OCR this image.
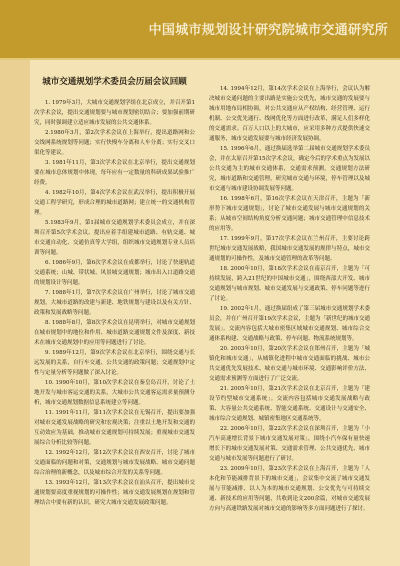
中国城市规划设计研究院城市交通研究所
城市交通规划学术委员会历届会议回顾

1. 1979年3月，大城市交通规划学组在北京成立，并召开第1次学术会议，提出交通规划要与城市规划密切结合；要加强前期研究，同时强调建立适应城市发展的公共交通体系。

2.1980年3月，第2次学术会议在上海举行，提出道路网和公交线网系统规划等问题；实行快慢车分离和人车分离；实行交叉口渠化等建议。

3. 1981年11月，第3次学术会议在北京举行，提出交通规划要在城市总体规划中体现，每年应有一定数量的科研成果试验推广经费。

4. 1982年10月，第4次学术会议在武汉举行，提出积极开展交通工程学研究，形成合理的城市道路网；建立统一的交通机构管理。

5.1983年9月，第1届城市交通规划学术委员会成立，并在深圳召开第5次学术会议。提出应着手组建城市道路、有轨交通、城市交通自动化、交通仿真等大学组，组织城市交通规划专业人员培训等问题。

6. 1986年9月，第6次学术会议在成都举行，讨论了快速轨道交通系统；山城、带状城、风景城交通规划；城市出入口道路交通的规划设计等问题。

7. 1988年1月，第7次学术会议在广州举行，讨论了城市交通规划，大城市道路的改建与新建、地铁规划与建设以及有关方针、政策和发展战略等问题。

8. 1988年8月，第8次学术会议在昆明举行，对城市交通规划在城市规划中的地位和作用、城市道路交通规划文件及深度、新技术在城市交通规划中的应用等问题进行了讨论。

9. 1989年12月，第9次学术会议在北京举行，围绕交通与长远发展的关系，自行车交通、公共交通的政策问题；交通规划中定性与定量分析等问题做了深入讨论。

10. 1990年10月，第10次学术会议在秦皇岛召开，讨论了土地开发与城市客运交通的关系，大城市公共交通客运需求量预测分析，城市交通规划数据信息系统建立等问题。

11. 1991年11月，第11次学术会议在无锡召开，提出要加强对城市交通发展战略的研究和宏观决策；注重以土地开发和交通的互动效应为基础，推动城市交通规划可持续发展；重视城市交通发展综合分析比较等问题。

12. 1992年12月，第12次学术会议在西安召开，讨论了城市交通面临的问题和对策，交通规划与城市发展战略、城市交通问题综合治理的新概念，以及城市综合开发的关系等问题。

13. 1993年12月，第13次学术会议在汕头召开，提出城市交通规划要高度重视规划的可操作性；城市交通发展规划在规划和管理结合中要有新的认识，研究大城市交通发展政策问题。

14. 1994年12月，第14次学术会议在上海举行，会议认为解决城市交通问题的主要出路是实施公交优先，城市交通的发展要与城市用地布局相协调，对公共交通应从产权结构、经营管理、运行机制、公交优先通行、线网优化等方面进行改革，满足人们多样化的交通需求。百万人口以上的大城市，应采用多种方式提供快速交通服务，城市交通发展要与城市经济发展协调。

15. 1996年6月，通过换届选举第二届城市交通规划学术委员会，并在太原召开第15次学术会议，确定今后的学术重点为发展以公共交通为主的城市交通体系，交通需求预测，交通规划方法研究，城市道路和交通管理，研究城市交通与环境，停车管理以及城市交通与城市建设协调发展等问题。

16. 1998年6月，第16次学术会议在天津召开，主题为「新形势下城市交通规划」，讨论了城市交通发展与城市交通规划的关系；从城市空间结构角度分析交通问题；城市交通管理中信息技术的应用等。

17. 1999年9月，第17次学术会议在兰州召开，主要讨论跨世纪城市交通发展战略，我国城市交通发展的规律与特点，城市交通规划的可操作性，及城市交通管理的改革等问题。

18. 2000年10月，第18次学术会议在南京召开，主题为「可持续发展，跨入21世纪的中国城市交通」，围绕西部大开发、城市交通规划与城市规划、城市交通发展与交通政策、停车问题等进行了讨论。

19. 2002年1月，通过换届组成了第三届城市交通规划学术委员会，并在广州召开第19次学术会议，主题为「新世纪的城市交通发展」。交流内容包括大城市密集区域城市交通规划、城市综合交通体系构建、交通战略与政策、停车问题、物流系统规划等。

20. 2003年10月，第20次学术会议在郑州召开，主题为「城镇化和城市交通」，从城镇化进程中城市交通面临的挑战、城市公共交通优先发展技术、城市交通与城市环境、交通影响评价方法、交通需求预测等方面进行了广泛交流。

21. 2005年10月，第21次学术会议在北京召开，主题为「建设节约型城市交通系统」。交流内容包括城市交通发展战略与政策、大容量公共交通系统、智能交通系统、交通设计与交通安全、城市综合交通规划、城镇密集地区交通系统等。

22. 2006年10月，第22次学术会议在深圳召开，主题为「小汽车高速增长背景下城市交通发展对策」，围绕小汽车保有量快速增长下的城市交通发展对策、交通需求管理、公共交通优先、城市交通与城市发展等问题进行了研讨。

23. 2009年10月，第23次学术会议在上海召开，主题为「人本化和节能减排背景下的城市交通」，会议集中交流了城市交通发展与节能减排、以人为本的城市交通规划、公交优先与可持续交通、新技术的应用等问题，共收到论文200余篇，对城市交通发展方向与高速铁路发展对城市交通的影响等多方面问题进行了探讨。
